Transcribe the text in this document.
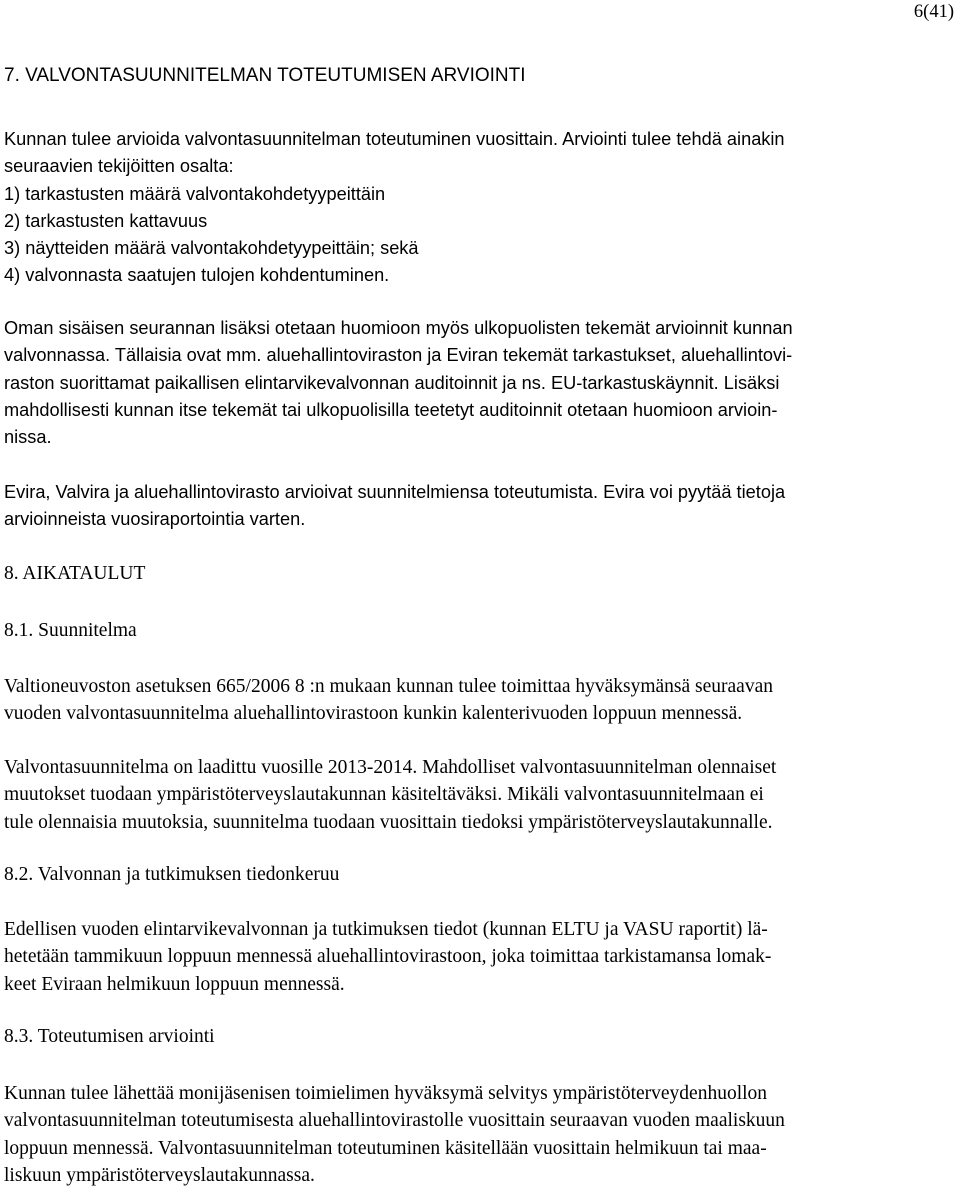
6(41)
7. VALVONTASUUNNITELMAN TOTEUTUMISEN ARVIOINTI
Kunnan tulee arvioida valvontasuunnitelman toteutuminen vuosittain. Arviointi tulee tehdä ainakin
seuraavien tekijöitten osalta:
1) tarkastusten määrä valvontakohdetyypeittäin
2) tarkastusten kattavuus
3) näytteiden määrä valvontakohdetyypeittäin; sekä
4) valvonnasta saatujen tulojen kohdentuminen.
Oman sisäisen seurannan lisäksi otetaan huomioon myös ulkopuolisten tekemät arvioinnit kunnan
valvonnassa. Tällaisia ovat mm. aluehallintoviraston ja Eviran tekemät tarkastukset, aluehallintovi-
raston suorittamat paikallisen elintarvikevalvonnan auditoinnit ja ns. EU-tarkastuskäynnit. Lisäksi
mahdollisesti kunnan itse tekemät tai ulkopuolisilla teetetyt auditoinnit otetaan huomioon arvioin-
nissa.
Evira, Valvira ja aluehallintovirasto arvioivat suunnitelmiensa toteutumista. Evira voi pyytää tietoja
arvioinneista vuosiraportointia varten.
8. AIKATAULUT
8.1. Suunnitelma
Valtioneuvoston asetuksen 665/2006 8 :n mukaan kunnan tulee toimittaa hyväksymänsä seuraavan
vuoden valvontasuunnitelma aluehallintovirastoon kunkin kalenterivuoden loppuun mennessä.
Valvontasuunnitelma on laadittu vuosille 2013-2014. Mahdolliset valvontasuunnitelman olennaiset
muutokset tuodaan ympäristöterveyslautakunnan käsiteltäväksi. Mikäli valvontasuunnitelmaan ei
tule olennaisia muutoksia, suunnitelma tuodaan vuosittain tiedoksi ympäristöterveyslautakunnalle.
8.2. Valvonnan ja tutkimuksen tiedonkeruu
Edellisen vuoden elintarvikevalvonnan ja tutkimuksen tiedot (kunnan ELTU ja VASU raportit) lä-
hetetään tammikuun loppuun mennessä aluehallintovirastoon, joka toimittaa tarkistamansa lomak-
keet Eviraan helmikuun loppuun mennessä.
8.3. Toteutumisen arviointi
Kunnan tulee lähettää monijäsenisen toimielimen hyväksymä selvitys ympäristöterveydenhuollon
valvontasuunnitelman toteutumisesta aluehallintovirastolle vuosittain seuraavan vuoden maaliskuun
loppuun mennessä. Valvontasuunnitelman toteutuminen käsitellään vuosittain helmikuun tai maa-
liskuun ympäristöterveyslautakunnassa.
